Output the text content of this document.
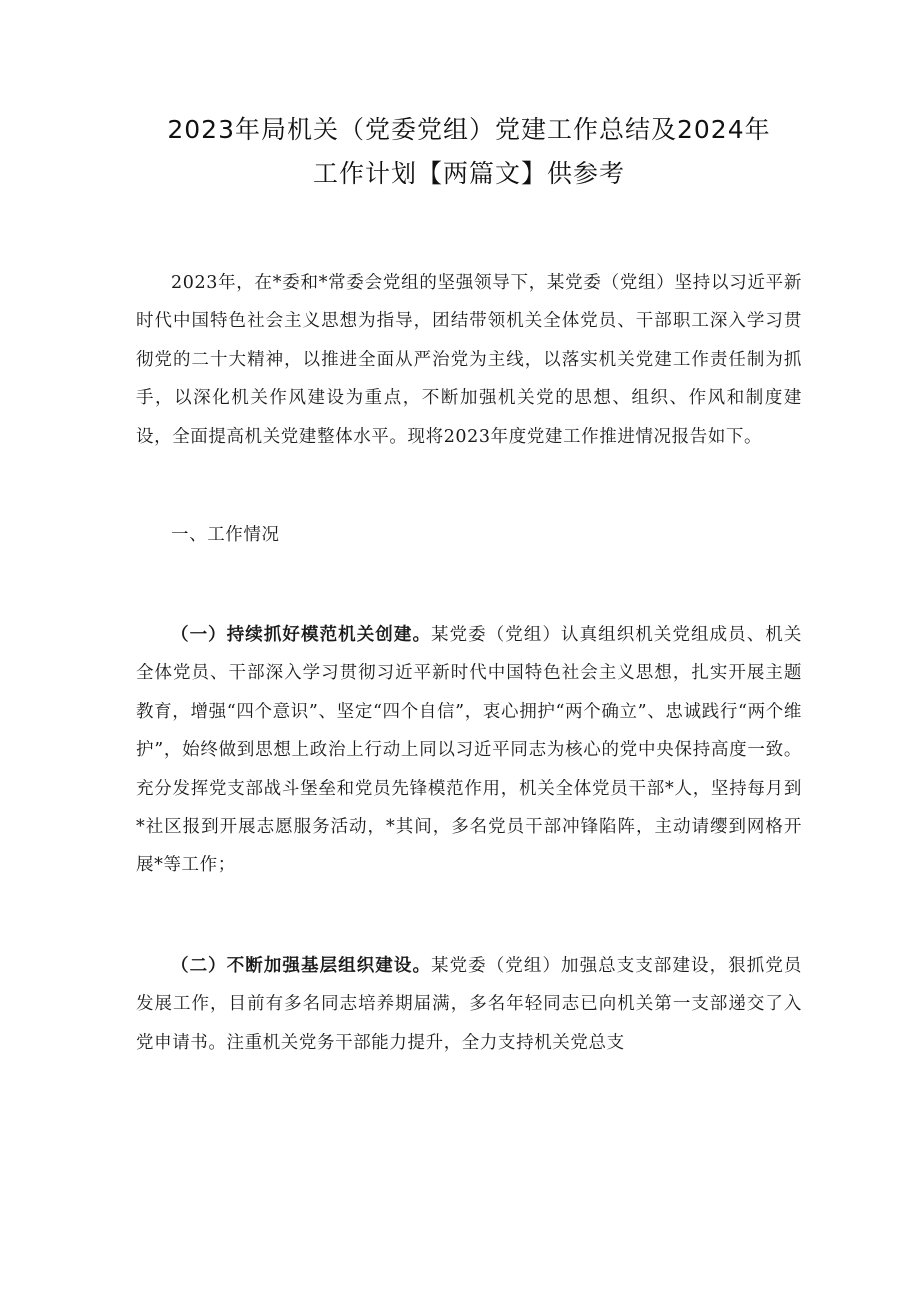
2023年局机关（党委党组）党建工作总结及2024年
工作计划【两篇文】供参考

2023年，在*委和*常委会党组的坚强领导下，某党委（党组）坚持以习近平新时代中国特色社会主义思想为指导，团结带领机关全体党员、干部职工深入学习贯彻党的二十大精神，以推进全面从严治党为主线，以落实机关党建工作责任制为抓手，以深化机关作风建设为重点，不断加强机关党的思想、组织、作风和制度建设，全面提高机关党建整体水平。现将2023年度党建工作推进情况报告如下。

一、工作情况

（一）持续抓好模范机关创建。某党委（党组）认真组织机关党组成员、机关全体党员、干部深入学习贯彻习近平新时代中国特色社会主义思想，扎实开展主题教育，增强“四个意识”、坚定“四个自信”，衷心拥护“两个确立”、忠诚践行“两个维护”，始终做到思想上政治上行动上同以习近平同志为核心的党中央保持高度一致。充分发挥党支部战斗堡垒和党员先锋模范作用，机关全体党员干部*人，坚持每月到*社区报到开展志愿服务活动，*其间，多名党员干部冲锋陷阵，主动请缨到网格开展*等工作；

（二）不断加强基层组织建设。某党委（党组）加强总支支部建设，狠抓党员发展工作，目前有多名同志培养期届满，多名年轻同志已向机关第一支部递交了入党申请书。注重机关党务干部能力提升，全力支持机关党总支
